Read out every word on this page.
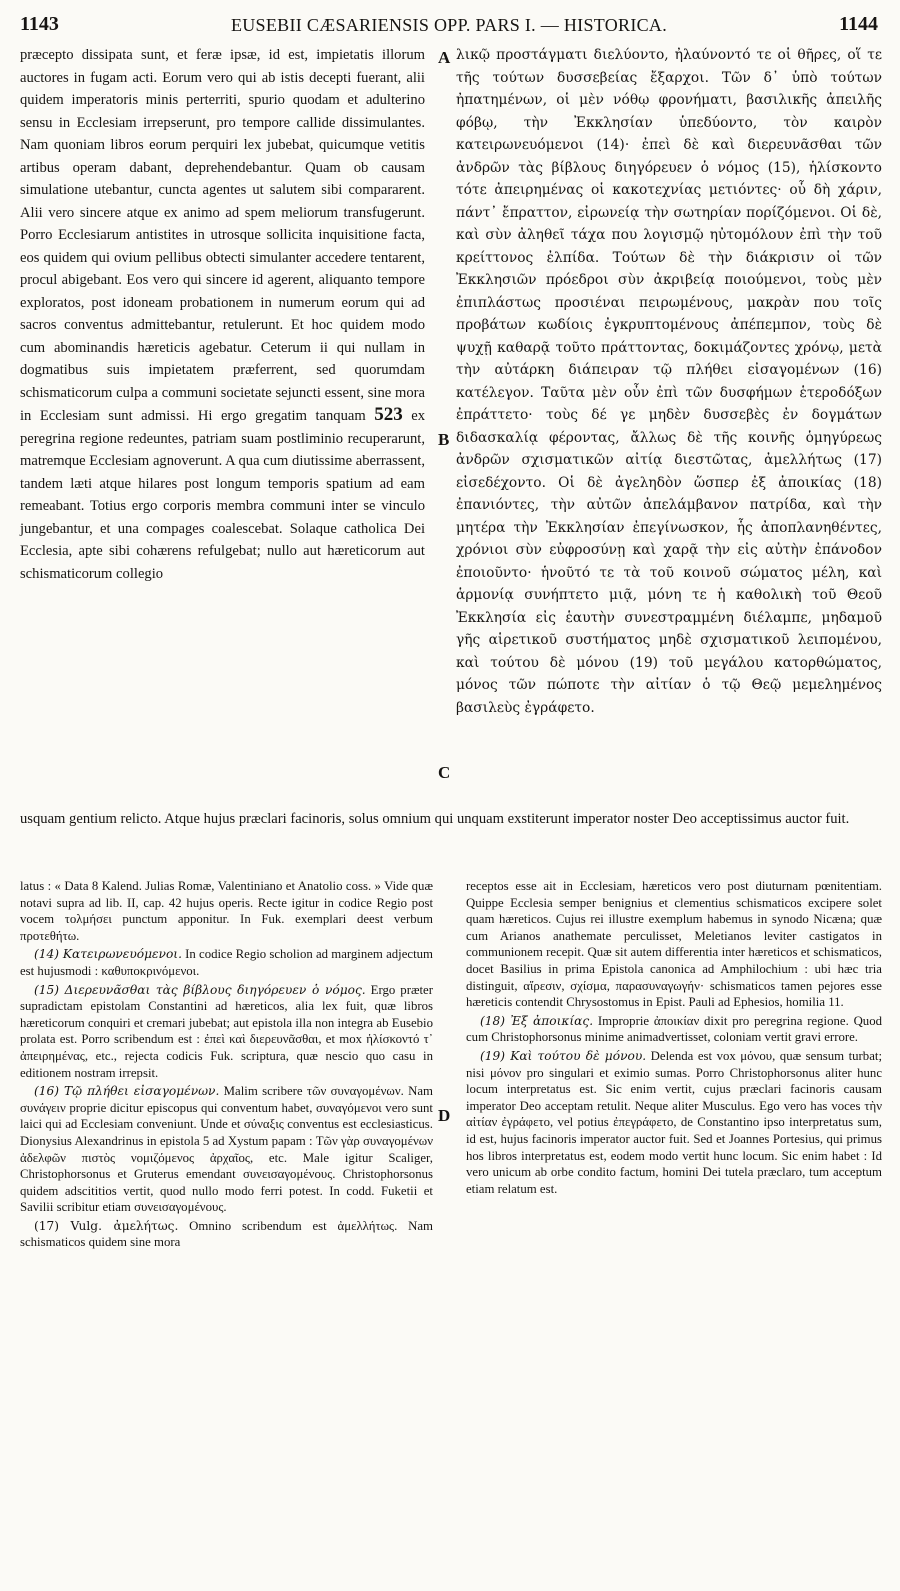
1143	EUSEBII CÆSARIENSIS OPP. PARS I. — HISTORICA.	1144

præcepto dissipata sunt, et feræ ipsæ, id est, impietatis illorum auctores in fugam acti. Eorum vero qui ab istis decepti fuerant, alii quidem imperatoris minis perterriti, spurio quodam et adulterino sensu in Ecclesiam irrepserunt, pro tempore callide dissimulantes. Nam quoniam libros eorum perquiri lex jubebat, quicumque vetitis artibus operam dabant, deprehendebantur. Quam ob causam simulatione utebantur, cuncta agentes ut salutem sibi compararent. Alii vero sincere atque ex animo ad spem meliorum transfugerunt. Porro Ecclesiarum antistites in utrosque sollicita inquisitione facta, eos quidem qui ovium pellibus obtecti simulanter accedere tentarent, procul abigebant. Eos vero qui sincere id agerent, aliquanto tempore exploratos, post idoneam probationem in numerum eorum qui ad sacros conventus admittebantur, retulerunt. Et hoc quidem modo cum abominandis hæreticis agebatur. Ceterum ii qui nullam in dogmatibus suis impietatem præferrent, sed quorumdam schismaticorum culpa a communi societate sejuncti essent, sine mora in Ecclesiam sunt admissi. Hi ergo gregatim tanquam 523 ex peregrina regione redeuntes, patriam suam postliminio recuperarunt, matremque Ecclesiam agnoverunt. A qua cum diutissime aberrassent, tandem læti atque hilares post longum temporis spatium ad eam remeabant. Totius ergo corporis membra communi inter se vinculo jungebantur, et una compages coalescebat. Solaque catholica Dei Ecclesia, apte sibi cohærens refulgebat; nullo aut hæreticorum aut schismaticorum collegio

A
B
C
D

λικῷ προστάγματι διελύοντο, ἠλαύνοντό τε οἱ θῆρες, οἵ τε τῆς τούτων δυσσεβείας ἔξαρχοι. Τῶν δ᾽ ὑπὸ τούτων ἠπατημένων, οἱ μὲν νόθῳ φρονήματι, βασιλικῆς ἀπειλῆς φόβῳ, τὴν Ἐκκλησίαν ὑπεδύοντο, τὸν καιρὸν κατειρωνευόμενοι (14)· ἐπεὶ δὲ καὶ διερευνᾶσθαι τῶν ἀνδρῶν τὰς βίβλους διηγόρευεν ὁ νόμος (15), ἡλίσκοντο τότε ἀπειρημένας οἱ κακοτεχνίας μετιόντες· οὗ δὴ χάριν, πάντ᾽ ἔπραττον, εἰρωνείᾳ τὴν σωτηρίαν πορίζόμενοι. Οἱ δὲ, καὶ σὺν ἀληθεῖ τάχα που λογισμῷ ηὐτομόλουν ἐπὶ τὴν τοῦ κρείττονος ἐλπίδα. Τούτων δὲ τὴν διάκρισιν οἱ τῶν Ἐκκλησιῶν πρόεδροι σὺν ἀκριβείᾳ ποιούμενοι, τοὺς μὲν ἐπιπλάστως προσιέναι πειρωμένους, μακρὰν που τοῖς προβάτων κωδίοις ἐγκρυπτομένους ἀπέπεμπον, τοὺς δὲ ψυχῇ καθαρᾷ τοῦτο πράττοντας, δοκιμάζοντες χρόνῳ, μετὰ τὴν αὐτάρκη διάπειραν τῷ πλήθει εἰσαγομένων (16) κατέλεγον. Ταῦτα μὲν οὖν ἐπὶ τῶν δυσφήμων ἑτεροδόξων ἐπράττετο· τοὺς δέ γε μηδὲν δυσσεβὲς ἐν δογμάτων διδασκαλίᾳ φέροντας, ἄλλως δὲ τῆς κοινῆς ὁμηγύρεως ἀνδρῶν σχισματικῶν αἰτίᾳ διεστῶτας, ἀμελλήτως (17) εἰσεδέχοντο. Οἱ δὲ ἀγεληδὸν ὥσπερ ἐξ ἀποικίας (18) ἐπανιόντες, τὴν αὐτῶν ἀπελάμβανον πατρίδα, καὶ τὴν μητέρα τὴν Ἐκκλησίαν ἐπεγίνωσκον, ἧς ἀποπλανηθέντες, χρόνιοι σὺν εὐφροσύνῃ καὶ χαρᾷ τὴν εἰς αὐτὴν ἐπάνοδον ἐποιοῦντο· ἡνοῦτό τε τὰ τοῦ κοινοῦ σώματος μέλη, καὶ ἁρμονίᾳ συνήπτετο μιᾷ, μόνη τε ἡ καθολικὴ τοῦ Θεοῦ Ἐκκλησία εἰς ἑαυτὴν συνεστραμμένη διέλαμπε, μηδαμοῦ γῆς αἱρετικοῦ συστήματος μηδὲ σχισματικοῦ λειπομένου, καὶ τούτου δὲ μόνου (19) τοῦ μεγάλου κατορθώματος, μόνος τῶν πώποτε τὴν αἰτίαν ὁ τῷ Θεῷ μεμελημένος βασιλεὺς ἐγράφετο.

usquam gentium relicto. Atque hujus præclari facinoris, solus omnium qui unquam exstiterunt imperator noster Deo acceptissimus auctor fuit.

latus : « Data 8 Kalend. Julias Romæ, Valentiniano et Anatolio coss. » Vide quæ notavi supra ad lib. II, cap. 42 hujus operis. Recte igitur in codice Regio post vocem τολμήσει punctum apponitur. In Fuk. exemplari deest verbum προτεθήτω.

(14) Κατειρωνευόμενοι. In codice Regio scholion ad marginem adjectum est hujusmodi : καθυποκρινόμενοι.

(15) Διερευνᾶσθαι τὰς βίβλους διηγόρευεν ὁ νόμος. Ergo præter supradictam epistolam Constantini ad hæreticos, alia lex fuit, quæ libros hæreticorum conquiri et cremari jubebat; aut epistola illa non integra ab Eusebio prolata est. Porro scribendum est : ἐπεὶ καὶ διερευνᾶσθαι, et mox ἡλίσκοντό τ᾽ ἀπειρημένας, etc., rejecta codicis Fuk. scriptura, quæ nescio quo casu in editionem nostram irrepsit.

(16) Τῷ πλήθει εἰσαγομένων. Malim scribere τῶν συναγομένων. Nam συνάγειν proprie dicitur episcopus qui conventum habet, συναγόμενοι vero sunt laici qui ad Ecclesiam conveniunt. Unde et σύναξις conventus est ecclesiasticus. Dionysius Alexandrinus in epistola 5 ad Xystum papam : Τῶν γὰρ συναγομένων ἀδελφῶν πιστὸς νομιζόμενος ἀρχαῖος, etc. Male igitur Scaliger, Christophorsonus et Gruterus emendant συνεισαγομένους. Christophorsonus quidem adscititios vertit, quod nullo modo ferri potest. In codd. Fuketii et Savilii scribitur etiam συνεισαγομένους.

(17) Vulg. ἀμελήτως. Omnino scribendum est ἀμελλήτως. Nam schismaticos quidem sine mora

receptos esse ait in Ecclesiam, hæreticos vero post diuturnam pœnitentiam. Quippe Ecclesia semper benignius et clementius schismaticos excipere solet quam hæreticos. Cujus rei illustre exemplum habemus in synodo Nicæna; quæ cum Arianos anathemate perculisset, Meletianos leviter castigatos in communionem recepit. Quæ sit autem differentia inter hæreticos et schismaticos, docet Basilius in prima Epistola canonica ad Amphilochium : ubi hæc tria distinguit, αἵρεσιν, σχίσμα, παρασυναγωγήν· schismaticos tamen pejores esse hæreticis contendit Chrysostomus in Epist. Pauli ad Ephesios, homilia 11.

(18) Ἐξ ἀποικίας. Improprie ἀποικίαν dixit pro peregrina regione. Quod cum Christophorsonus minime animadvertisset, coloniam vertit gravi errore.

(19) Καὶ τούτου δὲ μόνου. Delenda est vox μόνου, quæ sensum turbat; nisi μόνον pro singulari et eximio sumas. Porro Christophorsonus aliter hunc locum interpretatus est. Sic enim vertit, cujus præclari facinoris causam imperator Deo acceptam retulit. Neque aliter Musculus. Ego vero has voces τὴν αἰτίαν ἐγράφετο, vel potius ἐπεγράφετο, de Constantino ipso interpretatus sum, id est, hujus facinoris imperator auctor fuit. Sed et Joannes Portesius, qui primus hos libros interpretatus est, eodem modo vertit hunc locum. Sic enim habet : Id vero unicum ab orbe condito factum, homini Dei tutela præclaro, tum acceptum etiam relatum est.
